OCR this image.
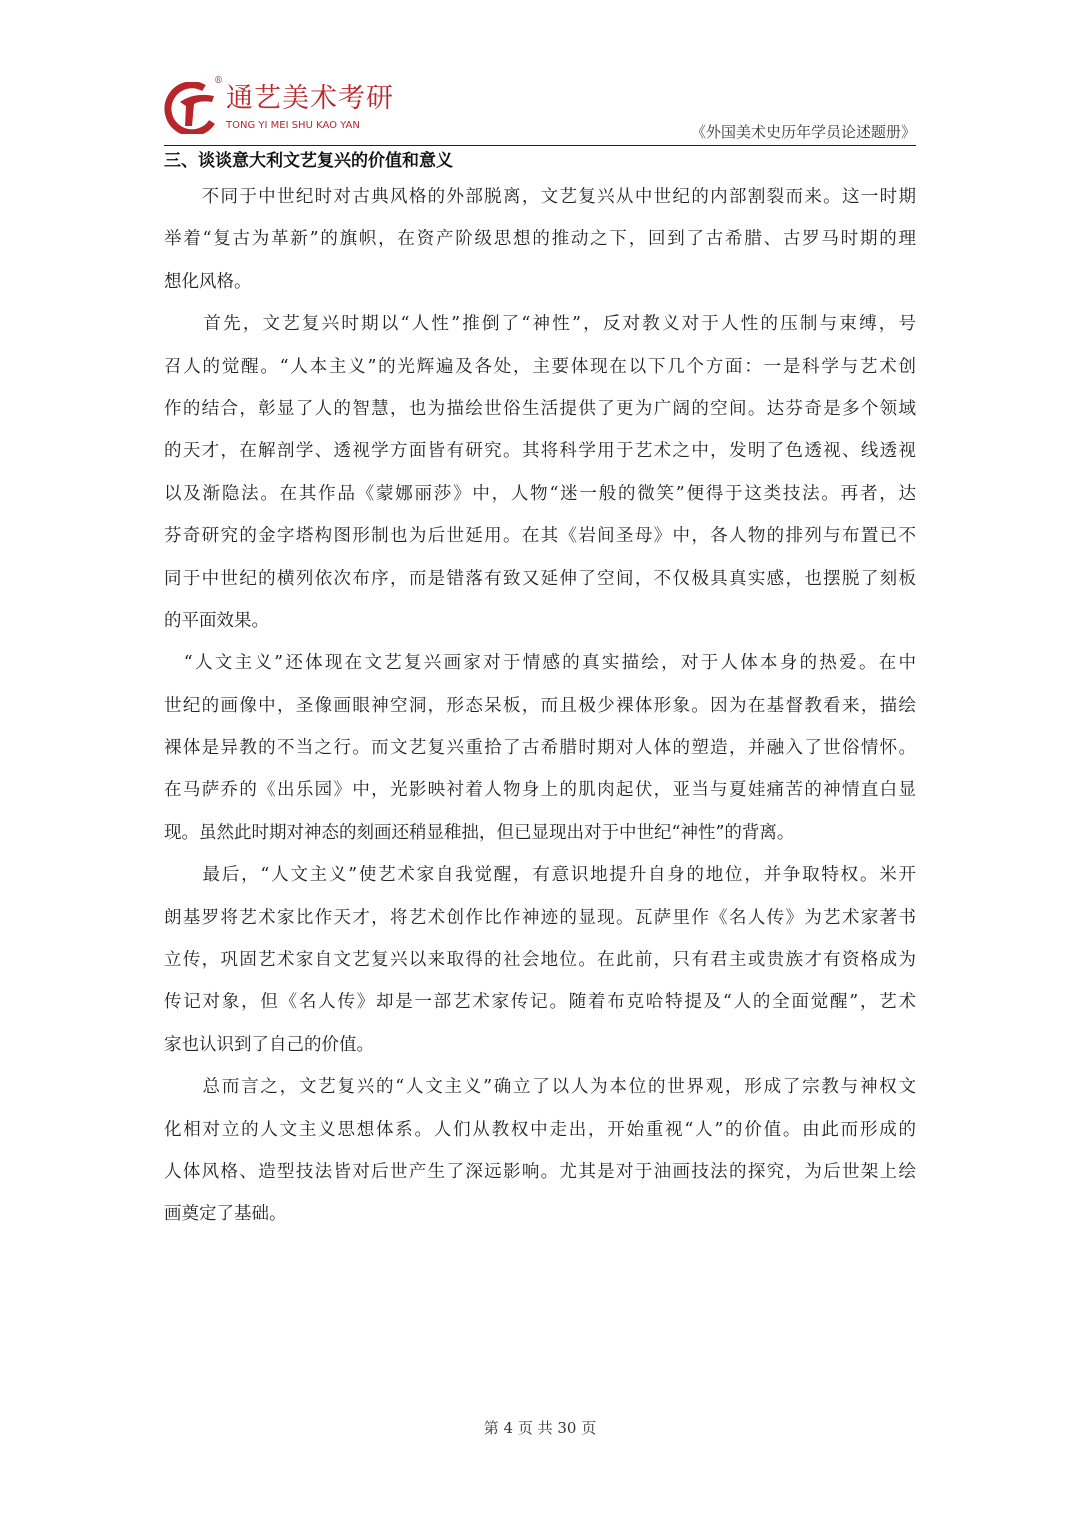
®
通艺美术考研
TONG YI MEI SHU KAO YAN	《外国美术史历年学员论述题册》
三、谈谈意大利文艺复兴的价值和意义
　　不同于中世纪时对古典风格的外部脱离，文艺复兴从中世纪的内部割裂而来。这一时期
举着“复古为革新”的旗帜，在资产阶级思想的推动之下，回到了古希腊、古罗马时期的理
想化风格。
　　首先，文艺复兴时期以“人性”推倒了“神性”，反对教义对于人性的压制与束缚，号
召人的觉醒。“人本主义”的光辉遍及各处，主要体现在以下几个方面：一是科学与艺术创
作的结合，彰显了人的智慧，也为描绘世俗生活提供了更为广阔的空间。达芬奇是多个领域
的天才，在解剖学、透视学方面皆有研究。其将科学用于艺术之中，发明了色透视、线透视
以及渐隐法。在其作品《蒙娜丽莎》中，人物“迷一般的微笑”便得于这类技法。再者，达
芬奇研究的金字塔构图形制也为后世延用。在其《岩间圣母》中，各人物的排列与布置已不
同于中世纪的横列依次布序，而是错落有致又延伸了空间，不仅极具真实感，也摆脱了刻板
的平面效果。
　“人文主义”还体现在文艺复兴画家对于情感的真实描绘，对于人体本身的热爱。在中
世纪的画像中，圣像画眼神空洞，形态呆板，而且极少裸体形象。因为在基督教看来，描绘
裸体是异教的不当之行。而文艺复兴重拾了古希腊时期对人体的塑造，并融入了世俗情怀。
在马萨乔的《出乐园》中，光影映衬着人物身上的肌肉起伏，亚当与夏娃痛苦的神情直白显
现。虽然此时期对神态的刻画还稍显稚拙，但已显现出对于中世纪“神性”的背离。
　　最后，“人文主义”使艺术家自我觉醒，有意识地提升自身的地位，并争取特权。米开
朗基罗将艺术家比作天才，将艺术创作比作神迹的显现。瓦萨里作《名人传》为艺术家著书
立传，巩固艺术家自文艺复兴以来取得的社会地位。在此前，只有君主或贵族才有资格成为
传记对象，但《名人传》却是一部艺术家传记。随着布克哈特提及“人的全面觉醒”，艺术
家也认识到了自己的价值。
　　总而言之，文艺复兴的“人文主义”确立了以人为本位的世界观，形成了宗教与神权文
化相对立的人文主义思想体系。人们从教权中走出，开始重视“人”的价值。由此而形成的
人体风格、造型技法皆对后世产生了深远影响。尤其是对于油画技法的探究，为后世架上绘
画奠定了基础。
第 4 页 共 30 页
